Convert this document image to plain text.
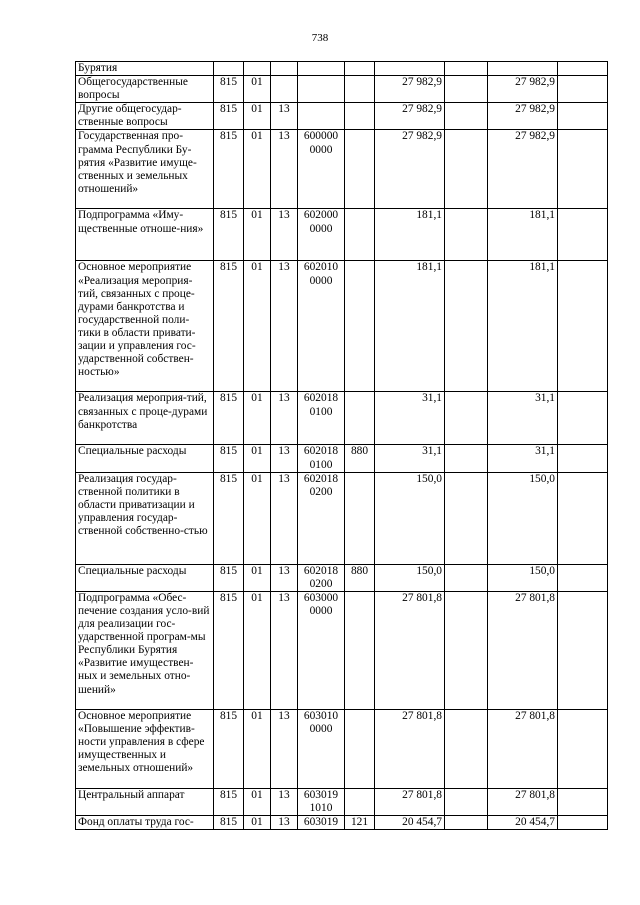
738
Бурятия									
Общегосударственные вопросы	815	01				27 982,9		27 982,9	
Другие общегосудар-ственные вопросы	815	01	13			27 982,9		27 982,9	
Государственная про-грамма Республики Бу-рятия «Развитие имуще-ственных и земельных отношений»	815	01	13	600000 0000		27 982,9		27 982,9	
Подпрограмма «Иму-щественные отноше-ния»	815	01	13	602000 0000		181,1		181,1	
Основное мероприятие «Реализация мероприя-тий, связанных с проце-дурами банкротства и государственной поли-тики в области привати-зации и управления гос-ударственной собствен-ностью»	815	01	13	602010 0000		181,1		181,1	
Реализация мероприя-тий, связанных с проце-дурами банкротства	815	01	13	602018 0100		31,1		31,1	
Специальные расходы	815	01	13	602018 0100	880	31,1		31,1	
Реализация государ-ственной политики в области приватизации и управления государ-ственной собственно-стью	815	01	13	602018 0200		150,0		150,0	
Специальные расходы	815	01	13	602018 0200	880	150,0		150,0	
Подпрограмма «Обес-печение создания усло-вий для реализации гос-ударственной програм-мы Республики Бурятия «Развитие имуществен-ных и земельных отно-шений»	815	01	13	603000 0000		27 801,8		27 801,8	
Основное мероприятие «Повышение эффектив-ности управления в сфере имущественных и земельных отношений»	815	01	13	603010 0000		27 801,8		27 801,8	
Центральный аппарат	815	01	13	603019 1010		27 801,8		27 801,8	
Фонд оплаты труда гос-	815	01	13	603019	121	20 454,7		20 454,7	
